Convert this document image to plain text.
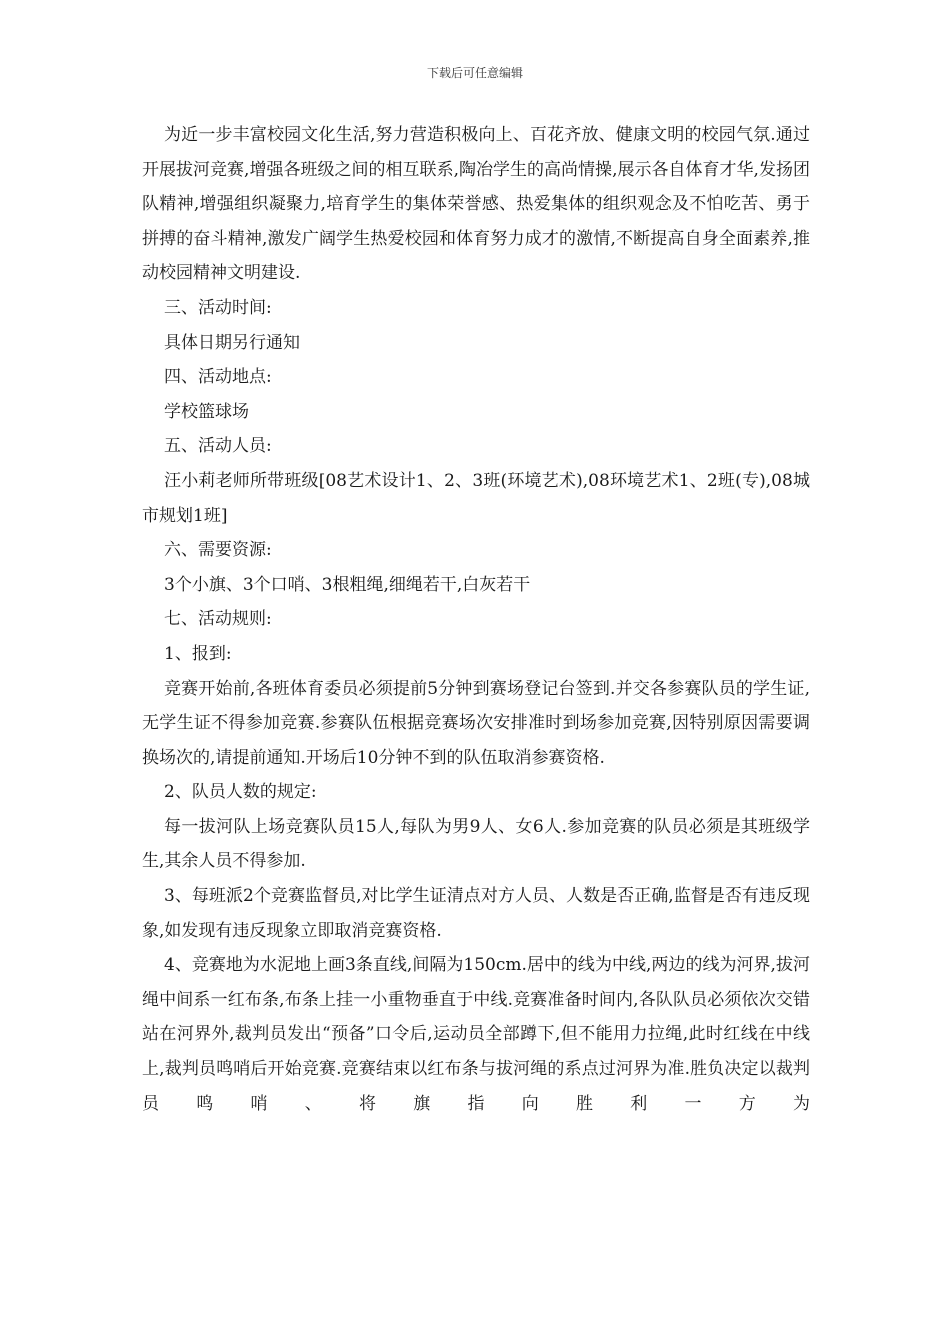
下载后可任意编辑

为近一步丰富校园文化生活,努力营造积极向上、百花齐放、健康文明的校园气氛.通过开展拔河竞赛,增强各班级之间的相互联系,陶冶学生的高尚情操,展示各自体育才华,发扬团队精神,增强组织凝聚力,培育学生的集体荣誉感、热爱集体的组织观念及不怕吃苦、勇于拼搏的奋斗精神,激发广阔学生热爱校园和体育努力成才的激情,不断提高自身全面素养,推动校园精神文明建设.

三、活动时间:

具体日期另行通知

四、活动地点:

学校篮球场

五、活动人员:

汪小莉老师所带班级[08艺术设计1、2、3班(环境艺术),08环境艺术1、2班(专),08城市规划1班]

六、需要资源:

3个小旗、3个口哨、3根粗绳,细绳若干,白灰若干

七、活动规则:

1、报到:

竞赛开始前,各班体育委员必须提前5分钟到赛场登记台签到.并交各参赛队员的学生证,无学生证不得参加竞赛.参赛队伍根据竞赛场次安排准时到场参加竞赛,因特别原因需要调换场次的,请提前通知.开场后10分钟不到的队伍取消参赛资格.

2、队员人数的规定:

每一拔河队上场竞赛队员15人,每队为男9人、女6人.参加竞赛的队员必须是其班级学生,其余人员不得参加.

3、每班派2个竞赛监督员,对比学生证清点对方人员、人数是否正确,监督是否有违反现象,如发现有违反现象立即取消竞赛资格.

4、竞赛地为水泥地上画3条直线,间隔为150cm.居中的线为中线,两边的线为河界,拔河绳中间系一红布条,布条上挂一小重物垂直于中线.竞赛准备时间内,各队队员必须依次交错站在河界外,裁判员发出“预备”口令后,运动员全部蹲下,但不能用力拉绳,此时红线在中线上,裁判员鸣哨后开始竞赛.竞赛结束以红布条与拔河绳的系点过河界为准.胜负决定以裁判员鸣哨、将旗指向胜利一方为
